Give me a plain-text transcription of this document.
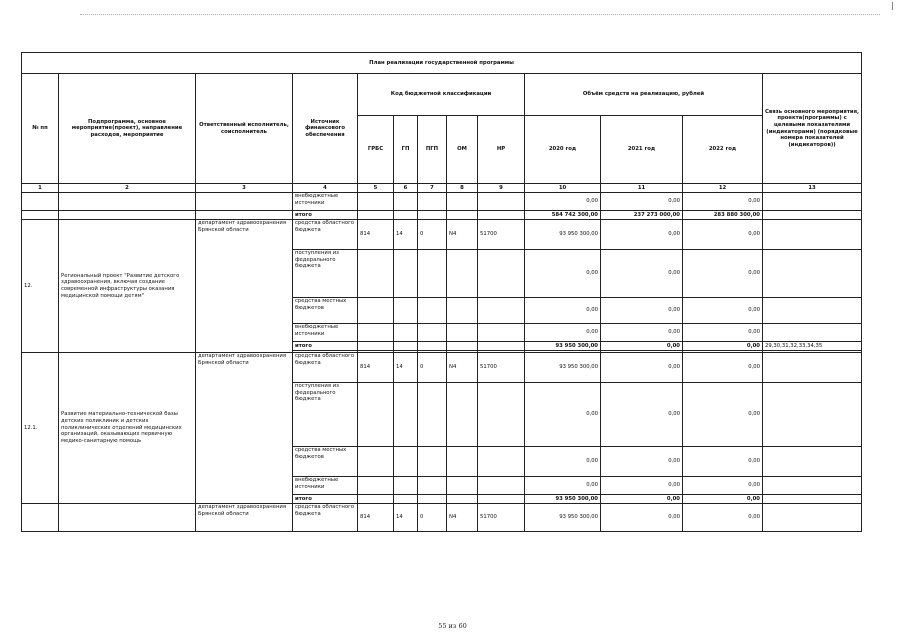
План реализации государственной программы												
№ пп	Подпрограмма, основное мероприятие(проект), направление расходов, мероприятие	Ответственный исполнитель, соисполнитель	Источник финансового обеспечения	Код бюджетной классификации					Объём средств на реализацию, рублей			Связь основного мероприятия, проекта(программы) с целевыми показателями (индикаторами) (порядковые номера показателей (индикаторов))
				ГРБС	ГП	ПГП	ОМ	НР	2020 год	2021 год	2022 год	
1	2	3	4	5	6	7	8	9	10	11	12	13
			внебюджетные источники						0,00	0,00	0,00	
			итого						584 742 300,00	237 273 000,00	283 880 300,00	
12.	Региональный проект "Развитие детского здравоохранения, включая создание современной инфраструктуры оказания медицинской помощи детям"	департамент здравоохранения Брянской области	средства областного бюджета	814	14	0	N4	51700	93 950 300,00	0,00	0,00	
			поступления из федерального бюджета						0,00	0,00	0,00	
			средства местных бюджетов						0,00	0,00	0,00	
			внебюджетные источники						0,00	0,00	0,00	
			итого						93 950 300,00	0,00	0,00	29,30,31,32,33,34,35

12.1.	Развитие материально-технической базы детских поликлиник и детских поликлинических отделений медицинских организаций, оказывающих первичную медико-санитарную помощь	департамент здравоохранения Брянской области	средства областного бюджета	814	14	0	N4	51700	93 950 300,00	0,00	0,00	
			поступления из федерального бюджета						0,00	0,00	0,00	
			средства местных бюджетов						0,00	0,00	0,00	
			внебюджетные источники						0,00	0,00	0,00	
			итого						93 950 300,00	0,00	0,00	
		департамент здравоохранения Брянской области	средства областного бюджета	814	14	0	N4	51700	93 950 300,00	0,00	0,00	
55 из 60
